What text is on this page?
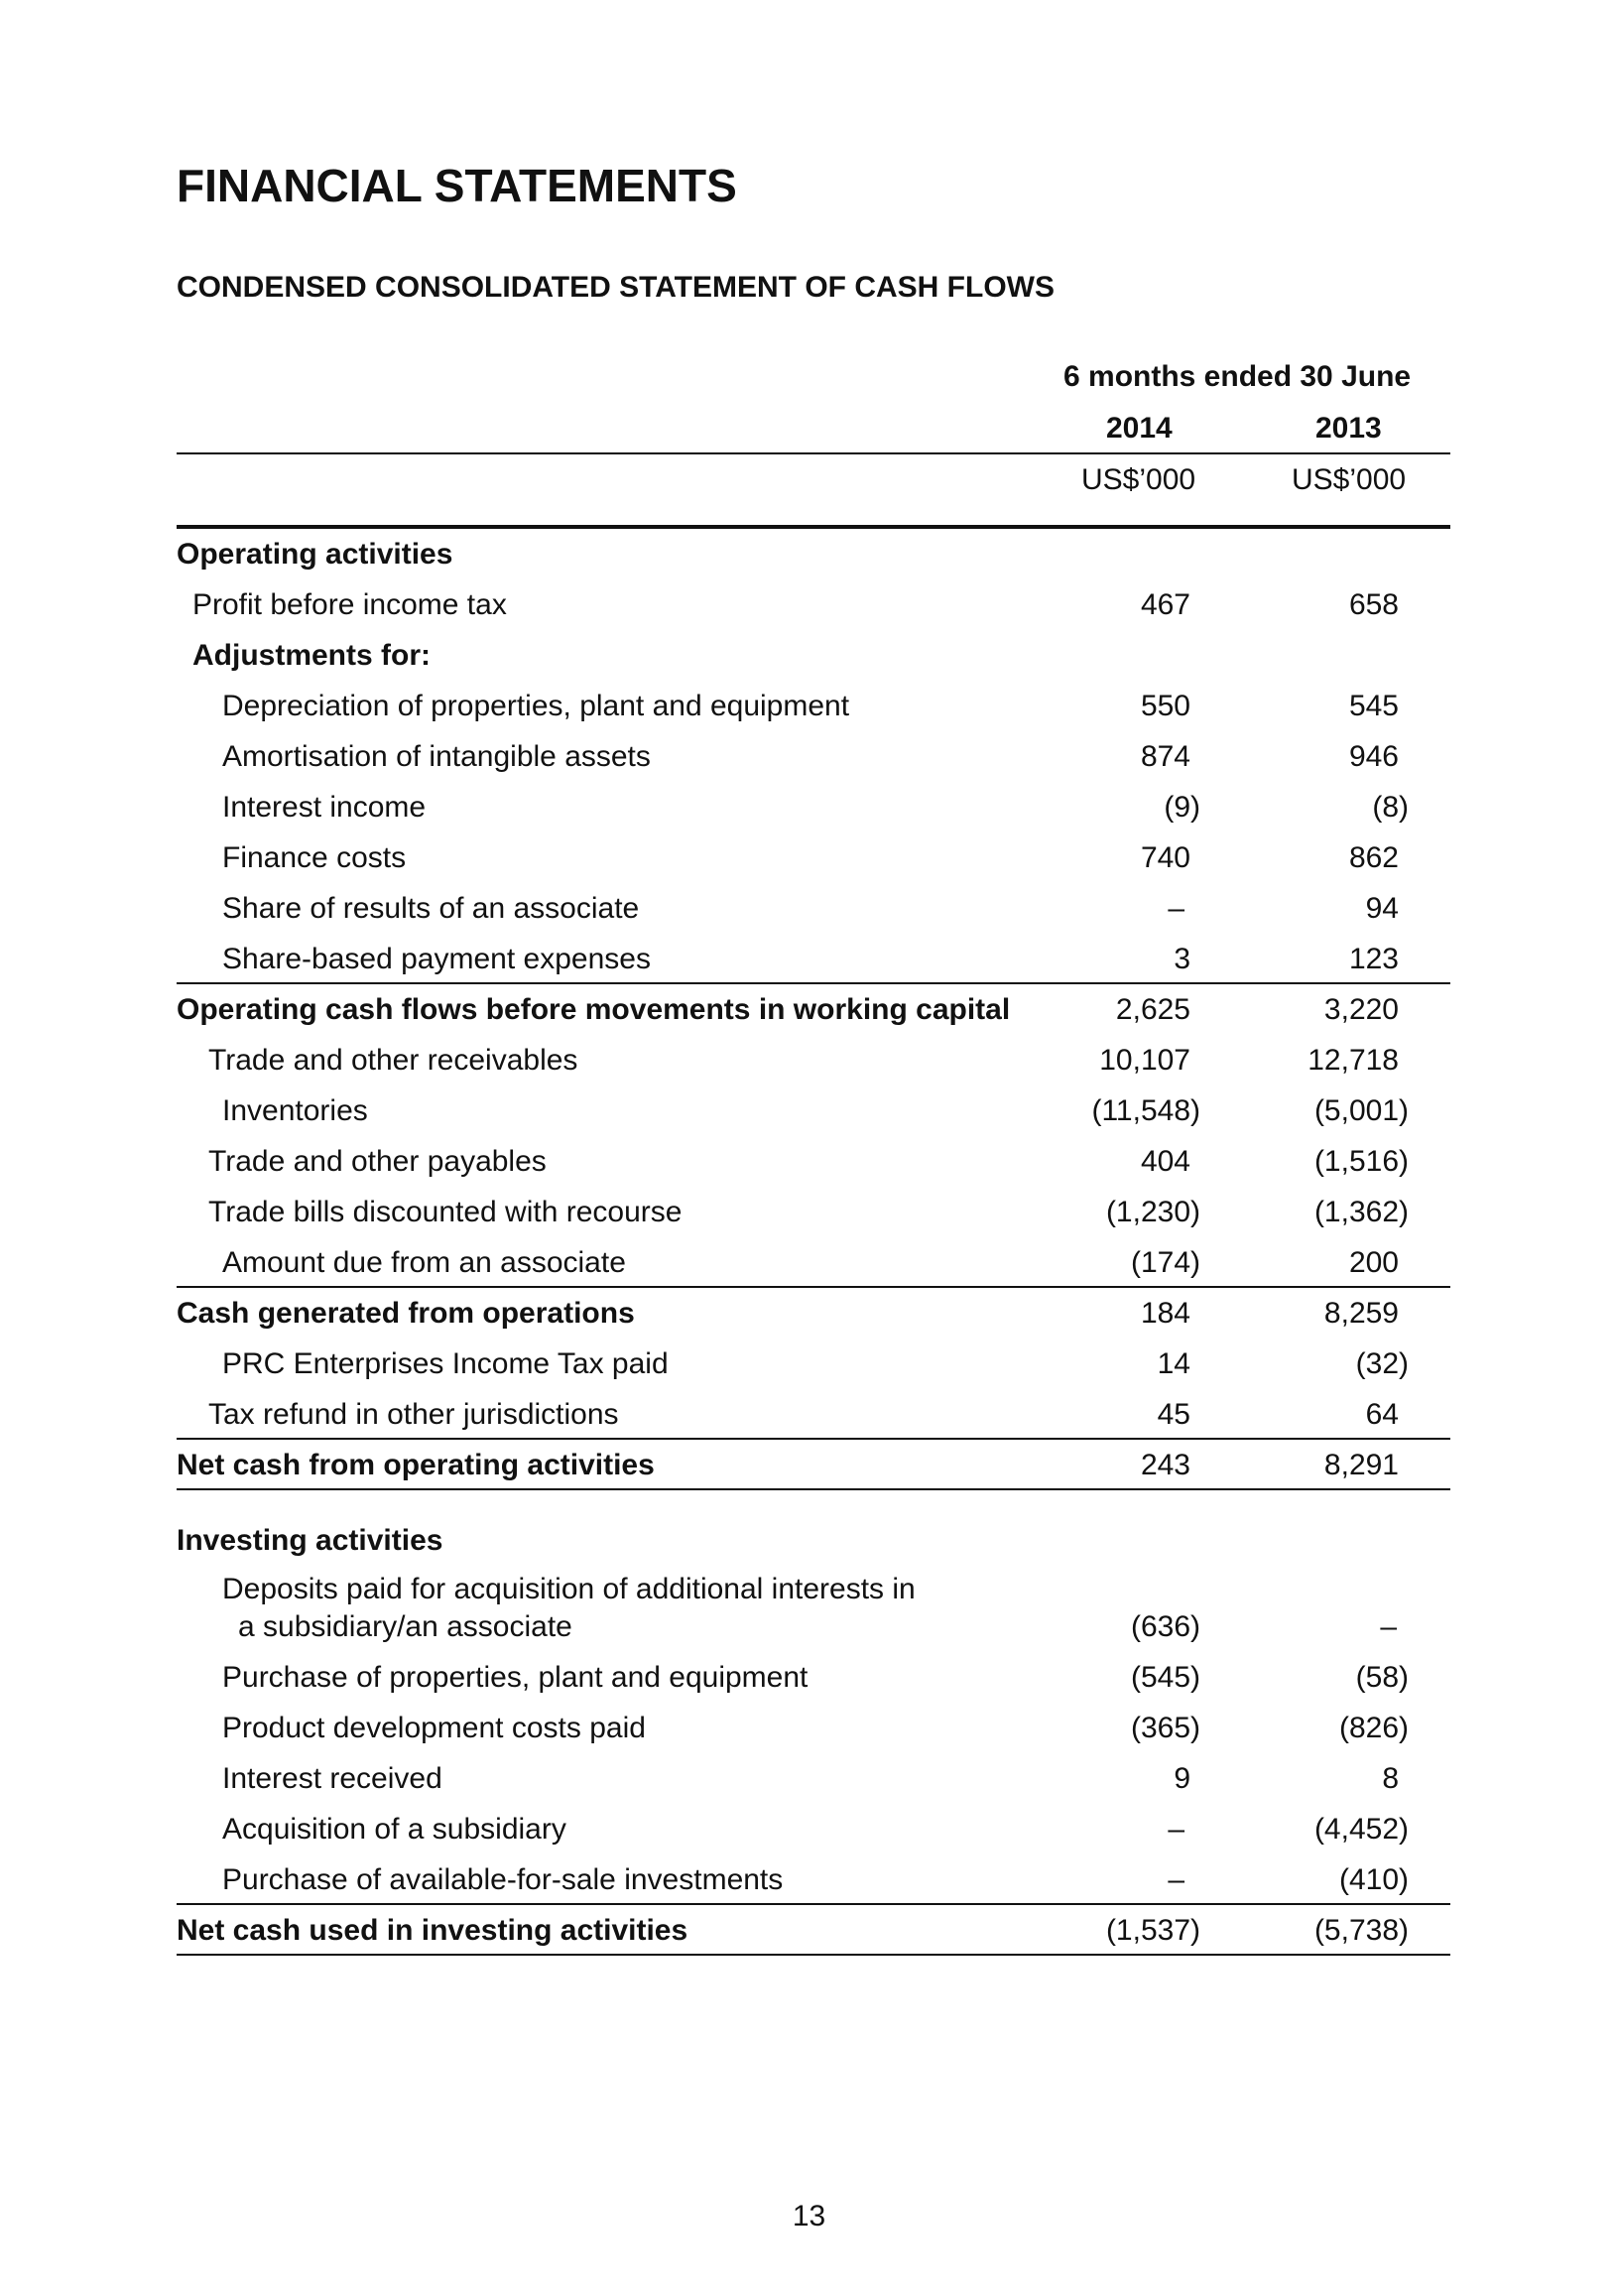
FINANCIAL STATEMENTS
CONDENSED CONSOLIDATED STATEMENT OF CASH FLOWS
6 months ended 30 June
2014	2013
US$’000	US$’000
Operating activities
Profit before income tax	467	658
Adjustments for:
Depreciation of properties, plant and equipment	550	545
Amortisation of intangible assets	874	946
Interest income	(9)	(8)
Finance costs	740	862
Share of results of an associate	–	94
Share-based payment expenses	3	123
Operating cash flows before movements in working capital	2,625	3,220
Trade and other receivables	10,107	12,718
Inventories	(11,548)	(5,001)
Trade and other payables	404	(1,516)
Trade bills discounted with recourse	(1,230)	(1,362)
Amount due from an associate	(174)	200
Cash generated from operations	184	8,259
PRC Enterprises Income Tax paid	14	(32)
Tax refund in other jurisdictions	45	64
Net cash from operating activities	243	8,291
Investing activities
Deposits paid for acquisition of additional interests in
a subsidiary/an associate	(636)	–
Purchase of properties, plant and equipment	(545)	(58)
Product development costs paid	(365)	(826)
Interest received	9	8
Acquisition of a subsidiary	–	(4,452)
Purchase of available-for-sale investments	–	(410)
Net cash used in investing activities	(1,537)	(5,738)
13
